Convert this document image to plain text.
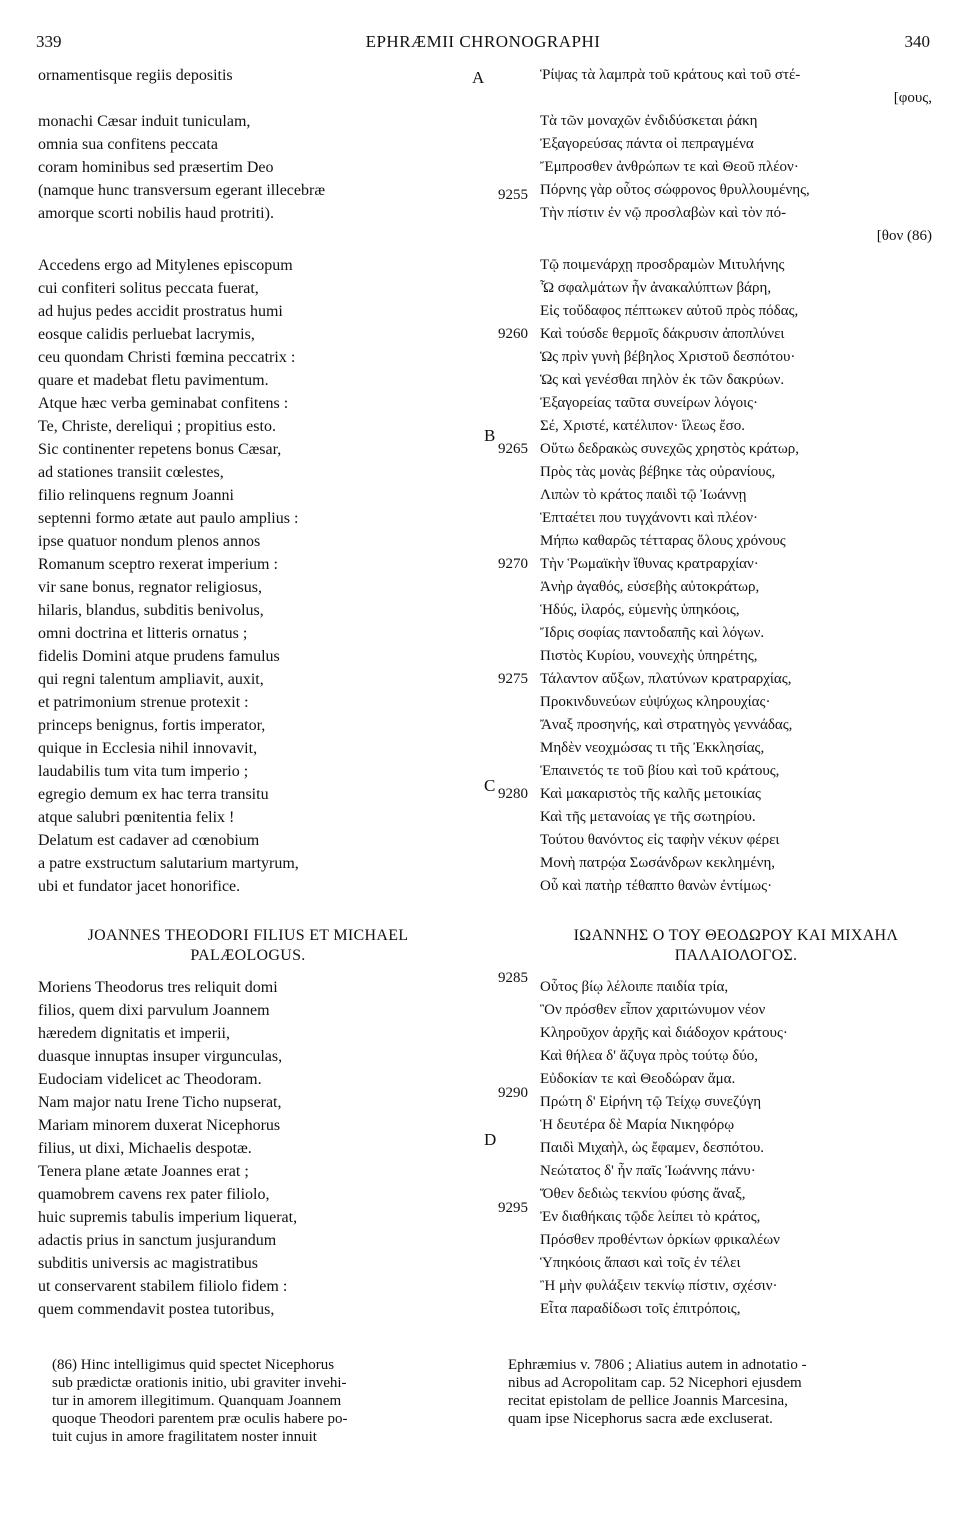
339	EPHRÆMII CHRONOGRAPHI	340
ornamentisque regiis depositis
monachi Cæsar induit tuniculam,
omnia sua confitens peccata
coram hominibus sed præsertim Deo
(namque hunc transversum egerant illecebræ
amorque scorti nobilis haud protriti).
Accedens ergo ad Mitylenes episcopum
cui confiteri solitus peccata fuerat,
ad hujus pedes accidit prostratus humi
eosque calidis perluebat lacrymis,
ceu quondam Christi fœmina peccatrix :
quare et madebat fletu pavimentum.
Atque hæc verba geminabat confitens :
Te, Christe, dereliqui ; propitius esto.
Sic continenter repetens bonus Cæsar,
ad stationes transiit cœlestes,
filio relinquens regnum Joanni
septenni formo ætate aut paulo amplius :
ipse quatuor nondum plenos annos
Romanum sceptro rexerat imperium :
vir sane bonus, regnator religiosus,
hilaris, blandus, subditis benivolus,
omni doctrina et litteris ornatus ;
fidelis Domini atque prudens famulus
qui regni talentum ampliavit, auxit,
et patrimonium strenue protexit :
princeps benignus, fortis imperator,
quique in Ecclesia nihil innovavit,
laudabilis tum vita tum imperio ;
egregio demum ex hac terra transitu
atque salubri pœnitentia felix !
Delatum est cadaver ad cœnobium
a patre exstructum salutarium martyrum,
ubi et fundator jacet honorifice.
JOANNES THEODORI FILIUS ET MICHAEL
PALÆOLOGUS.
Moriens Theodorus tres reliquit domi
filios, quem dixi parvulum Joannem
hæredem dignitatis et imperii,
duasque innuptas insuper virgunculas,
Eudociam videlicet ac Theodoram.
Nam major natu Irene Ticho nupserat,
Mariam minorem duxerat Nicephorus
filius, ut dixi, Michaelis despotæ.
Tenera plane ætate Joannes erat ;
quamobrem cavens rex pater filiolo,
huic supremis tabulis imperium liquerat,
adactis prius in sanctum jusjurandum
subditis universis ac magistratibus
ut conservarent stabilem filiolo fidem :
quem commendavit postea tutoribus,
A
B
C
D
9255
9260
9265
9270
9275
9280
9285
9290
9295
Ῥίψας τὰ λαμπρὰ τοῦ κράτους καὶ τοῦ στέ-
[φους,
Τὰ τῶν μοναχῶν ἐνδιδύσκεται ῥάκη
Ἐξαγορεύσας πάντα οἱ πεπραγμένα
Ἔμπροσθεν ἀνθρώπων τε καὶ Θεοῦ πλέον·
Πόρνης γὰρ οὗτος σώφρονος θρυλλουμένης,
Τὴν πίστιν ἐν νῷ προσλαβὼν καὶ τὸν πό-
[θον (86)
Τῷ ποιμενάρχῃ προσδραμὼν Μιτυλήνης
Ὧ σφαλμάτων ἦν ἀνακαλύπτων βάρη,
Εἰς τοὔδαφος πέπτωκεν αὐτοῦ πρὸς πόδας,
Καὶ τούσδε θερμοῖς δάκρυσιν ἀποπλύνει
Ὡς πρὶν γυνὴ βέβηλος Χριστοῦ δεσπότου·
Ὡς καὶ γενέσθαι πηλὸν ἐκ τῶν δακρύων.
Ἐξαγορείας ταῦτα συνείρων λόγοις·
Σέ, Χριστέ, κατέλιπον· ἵλεως ἔσο.
Οὕτω δεδρακὼς συνεχῶς χρηστὸς κράτωρ,
Πρὸς τὰς μονὰς βέβηκε τὰς οὐρανίους,
Λιπὼν τὸ κράτος παιδὶ τῷ Ἰωάννῃ
Ἑπταέτει που τυγχάνοντι καὶ πλέον·
Μήπω καθαρῶς τέτταρας ὅλους χρόνους
Τὴν Ῥωμαϊκὴν ἴθυνας κρατραρχίαν·
Ἀνὴρ ἀγαθός, εὐσεβὴς αὐτοκράτωρ,
Ἡδύς, ἱλαρός, εὐμενὴς ὑπηκόοις,
Ἴδρις σοφίας παντοδαπῆς καὶ λόγων.
Πιστὸς Κυρίου, νουνεχὴς ὑπηρέτης,
Τάλαντον αὔξων, πλατύνων κρατραρχίας,
Προκινδυνεύων εὐψύχως κληρουχίας·
Ἄναξ προσηνής, καὶ στρατηγὸς γεννάδας,
Μηδὲν νεοχμώσας τι τῆς Ἐκκλησίας,
Ἐπαινετός τε τοῦ βίου καὶ τοῦ κράτους,
Καὶ μακαριστὸς τῆς καλῆς μετοικίας
Καὶ τῆς μετανοίας γε τῆς σωτηρίου.
Τούτου θανόντος εἰς ταφὴν νέκυν φέρει
Μονὴ πατρῴα Σωσάνδρων κεκλημένη,
Οὗ καὶ πατὴρ τέθαπτο θανὼν ἐντίμως·
ΙΩΑΝΝΗΣ Ο ΤΟΥ ΘΕΟΔΩΡΟΥ ΚΑΙ ΜΙΧΑΗΛ
ΠΑΛΑΙΟΛΟΓΟΣ.
Οὗτος βίῳ λέλοιπε παιδία τρία,
Ὃν πρόσθεν εἶπον χαριτώνυμον νέον
Κληροῦχον ἀρχῆς καὶ διάδοχον κράτους·
Καὶ θήλεα δ' ἄζυγα πρὸς τούτῳ δύο,
Εὐδοκίαν τε καὶ Θεοδώραν ἅμα.
Πρώτη δ' Εἰρήνη τῷ Τείχῳ συνεζύγη
Ἡ δευτέρα δὲ Μαρία Νικηφόρῳ
Παιδὶ Μιχαὴλ, ὡς ἔφαμεν, δεσπότου.
Νεώτατος δ' ἦν παῖς Ἰωάννης πάνυ·
Ὅθεν δεδιὼς τεκνίου φύσης ἄναξ,
Ἐν διαθήκαις τῷδε λείπει τὸ κράτος,
Πρόσθεν προθέντων ὁρκίων φρικαλέων
Ὑπηκόοις ἅπασι καὶ τοῖς ἐν τέλει
Ἢ μὴν φυλάξειν τεκνίῳ πίστιν, σχέσιν·
Εἶτα παραδίδωσι τοῖς ἐπιτρόποις,
(86) Hinc intelligimus quid spectet Nicephorus
sub prædictæ orationis initio, ubi graviter invehi-
tur in amorem illegitimum. Quanquam Joannem
quoque Theodori parentem præ oculis habere po-
tuit cujus in amore fragilitatem noster innuit
Ephræmius v. 7806 ; Aliatius autem in adnotatio -
nibus ad Acropolitam cap. 52 Nicephori ejusdem
recitat epistolam de pellice Joannis Marcesina,
quam ipse Nicephorus sacra æde excluserat.
